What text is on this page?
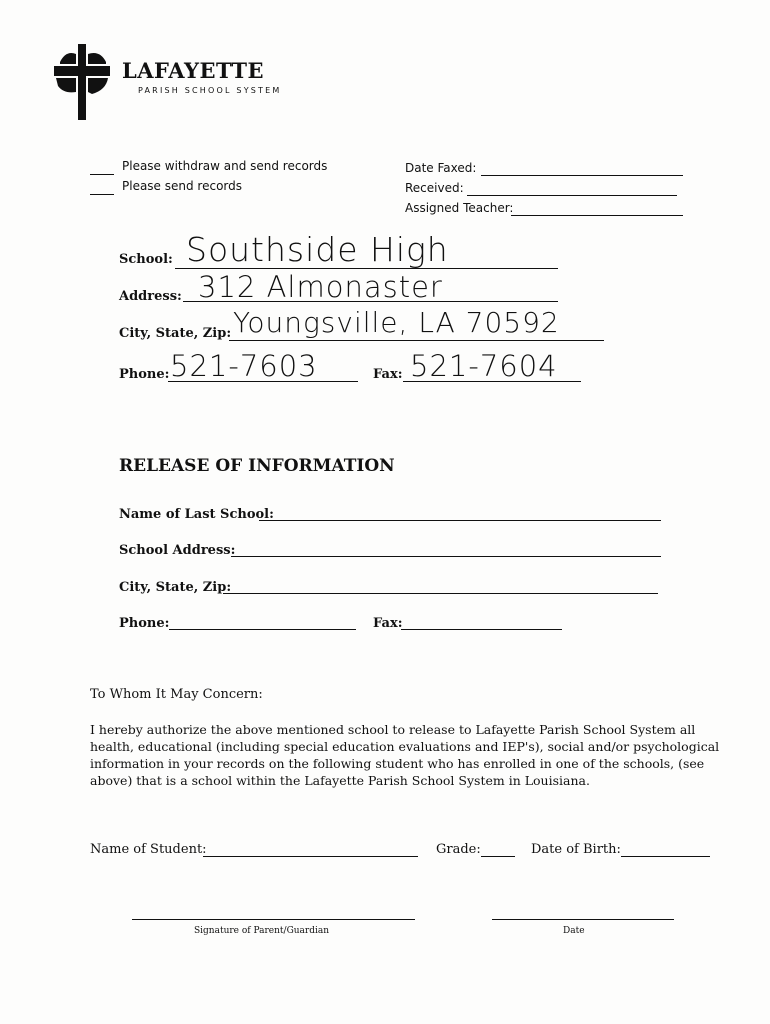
LAFAYETTE
PARISH SCHOOL SYSTEM
Please withdraw and send records
Please send records
Date Faxed:
Received:
Assigned Teacher:
School: Southside High
Address: 312 Almonaster
City, State, Zip: Youngsville, LA 70592
Phone: 521-7603	Fax: 521-7604
RELEASE OF INFORMATION
Name of Last School:
School Address:
City, State, Zip:
Phone:	Fax:
To Whom It May Concern:
I hereby authorize the above mentioned school to release to Lafayette Parish School System all health, educational (including special education evaluations and IEP's), social and/or psychological information in your records on the following student who has enrolled in one of the schools, (see above) that is a school within the Lafayette Parish School System in Louisiana.
Name of Student:	Grade:	Date of Birth:
Signature of Parent/Guardian	Date
